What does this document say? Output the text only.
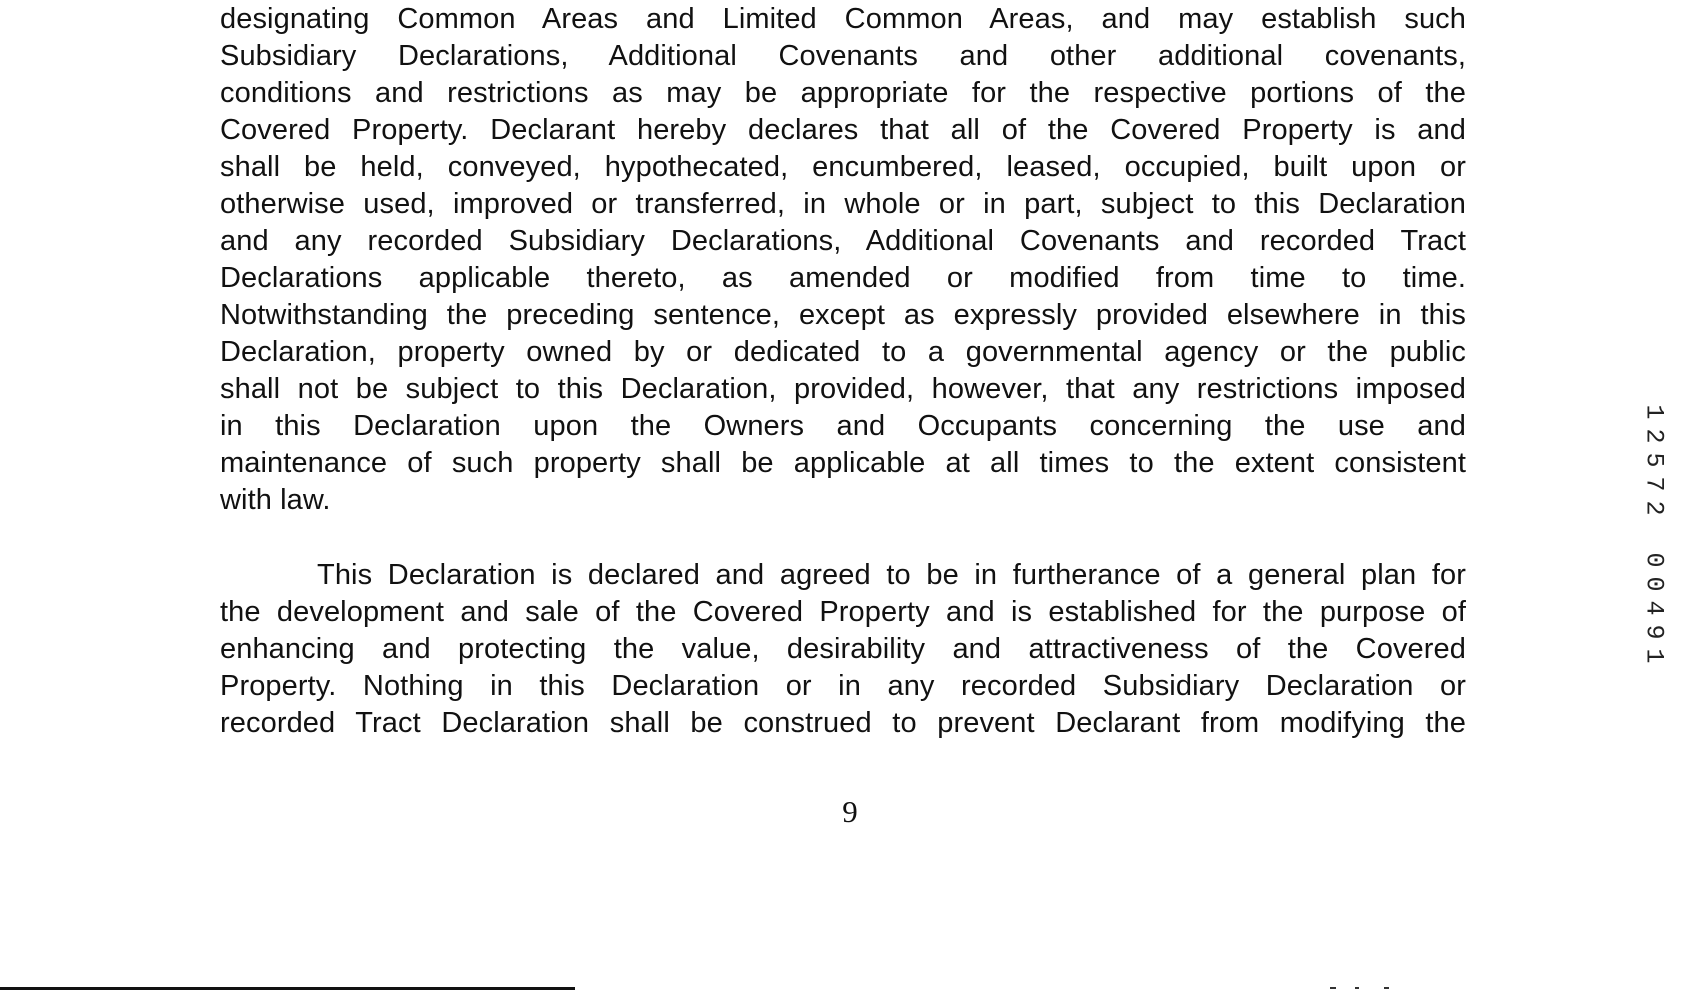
designating Common Areas and Limited Common Areas, and may establish such
Subsidiary Declarations, Additional Covenants and other additional covenants,
conditions and restrictions as may be appropriate for the respective portions of the
Covered Property. Declarant hereby declares that all of the Covered Property is and
shall be held, conveyed, hypothecated, encumbered, leased, occupied, built upon or
otherwise used, improved or transferred, in whole or in part, subject to this Declaration
and any recorded Subsidiary Declarations, Additional Covenants and recorded Tract
Declarations applicable thereto, as amended or modified from time to time.
Notwithstanding the preceding sentence, except as expressly provided elsewhere in this
Declaration, property owned by or dedicated to a governmental agency or the public
shall not be subject to this Declaration, provided, however, that any restrictions imposed
in this Declaration upon the Owners and Occupants concerning the use and
maintenance of such property shall be applicable at all times to the extent consistent
with law.
This Declaration is declared and agreed to be in furtherance of a general plan for
the development and sale of the Covered Property and is established for the purpose of
enhancing and protecting the value, desirability and attractiveness of the Covered
Property. Nothing in this Declaration or in any recorded Subsidiary Declaration or
recorded Tract Declaration shall be construed to prevent Declarant from modifying the
9
1
2
5
7
2
0
0
4
9
1
